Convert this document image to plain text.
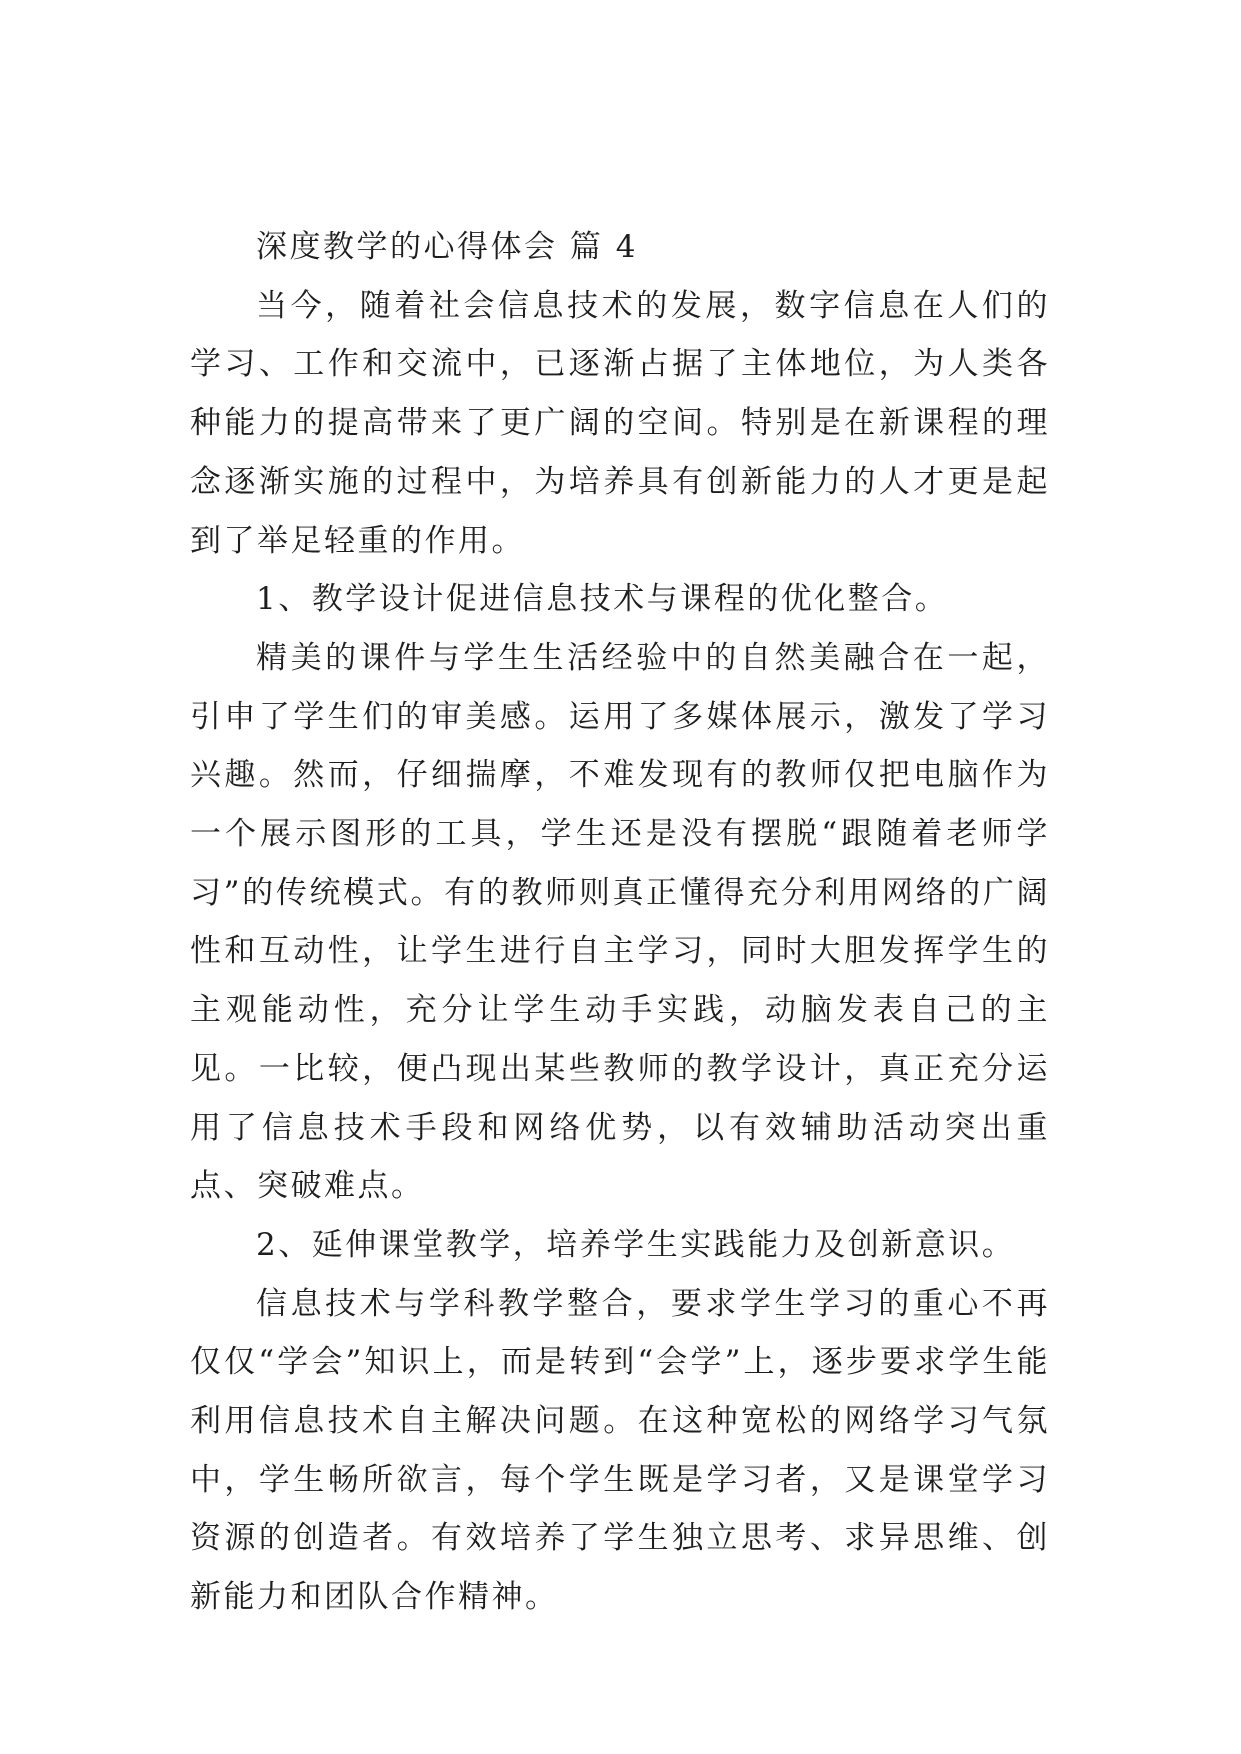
深度教学的心得体会 篇 4

当今，随着社会信息技术的发展，数字信息在人们的学习、工作和交流中，已逐渐占据了主体地位，为人类各种能力的提高带来了更广阔的空间。特别是在新课程的理念逐渐实施的过程中，为培养具有创新能力的人才更是起到了举足轻重的作用。

1、教学设计促进信息技术与课程的优化整合。

精美的课件与学生生活经验中的自然美融合在一起，引申了学生们的审美感。运用了多媒体展示，激发了学习兴趣。然而，仔细揣摩，不难发现有的教师仅把电脑作为一个展示图形的工具，学生还是没有摆脱“跟随着老师学习”的传统模式。有的教师则真正懂得充分利用网络的广阔性和互动性，让学生进行自主学习，同时大胆发挥学生的主观能动性，充分让学生动手实践，动脑发表自己的主见。一比较，便凸现出某些教师的教学设计，真正充分运用了信息技术手段和网络优势，以有效辅助活动突出重点、突破难点。

2、延伸课堂教学，培养学生实践能力及创新意识。

信息技术与学科教学整合，要求学生学习的重心不再仅仅“学会”知识上，而是转到“会学”上，逐步要求学生能利用信息技术自主解决问题。在这种宽松的网络学习气氛中，学生畅所欲言，每个学生既是学习者，又是课堂学习资源的创造者。有效培养了学生独立思考、求异思维、创新能力和团队合作精神。
